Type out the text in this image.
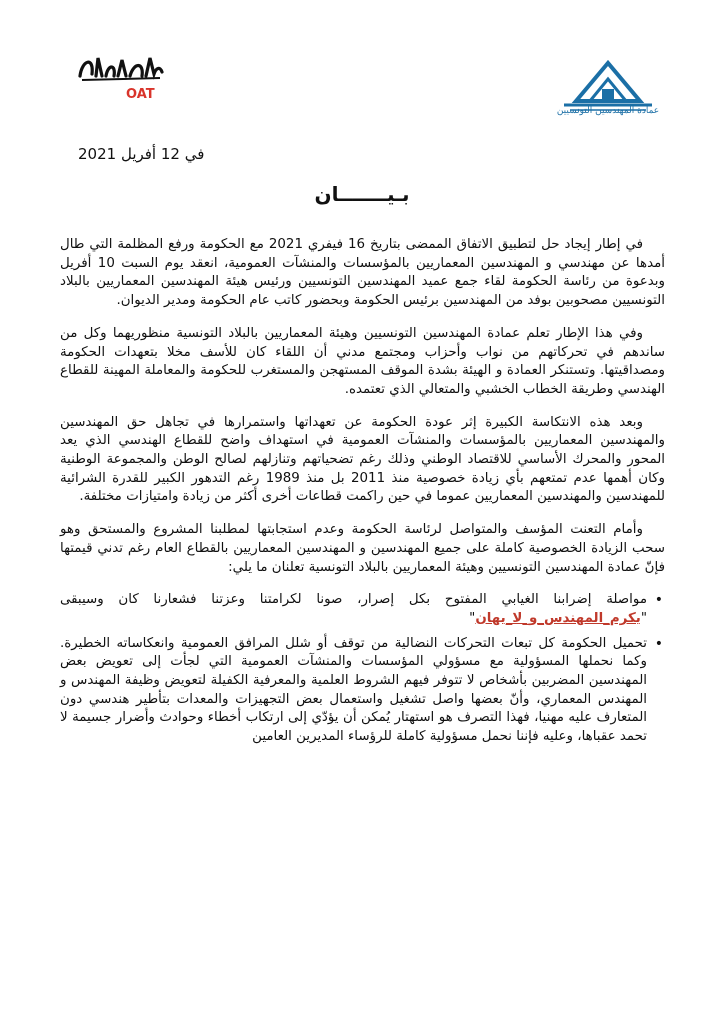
OAT
عمادة المهندسين التونسيين
في 12 أفريل 2021
بـيـــــــان

في إطار إيجاد حل لتطبيق الاتفاق الممضى بتاريخ 16 فيفري 2021 مع الحكومة ورفع المظلمة التي طال أمدها عن مهندسي و المهندسين المعماريين بالمؤسسات والمنشآت العمومية، انعقد يوم السبت 10 أفريل وبدعوة من رئاسة الحكومة لقاء جمع عميد المهندسين التونسيين ورئيس هيئة المهندسين المعماريين بالبلاد التونسيين مصحوبين بوفد من المهندسين برئيس الحكومة وبحضور كاتب عام الحكومة ومدير الديوان.

وفي هذا الإطار تعلم عمادة المهندسين التونسيين وهيئة المعماريين بالبلاد التونسية منظوريهما وكل من ساندهم في تحركاتهم من نواب وأحزاب ومجتمع مدني أن اللقاء كان للأسف مخلا بتعهدات الحكومة ومصداقيتها. وتستنكر العمادة و الهيئة بشدة الموقف المستهجن والمستغرب للحكومة والمعاملة المهينة للقطاع الهندسي وطريقة الخطاب الخشبي والمتعالي الذي تعتمده.

وبعد هذه الانتكاسة الكبيرة إثر عودة الحكومة عن تعهداتها واستمرارها في تجاهل حق المهندسين والمهندسين المعماريين بالمؤسسات والمنشآت العمومية في استهداف واضح للقطاع الهندسي الذي يعد المحور والمحرك الأساسي للاقتصاد الوطني وذلك رغم تضحياتهم وتنازلهم لصالح الوطن والمجموعة الوطنية وكان أهمها عدم تمتعهم بأي زيادة خصوصية منذ 2011 بل منذ 1989 رغم التدهور الكبير للقدرة الشرائية للمهندسين والمهندسين المعماريين عموما في حين راكمت قطاعات أخرى أكثر من زيادة وامتيازات مختلفة.

وأمام التعنت المؤسف والمتواصل لرئاسة الحكومة وعدم استجابتها لمطلبنا المشروع والمستحق وهو سحب الزيادة الخصوصية كاملة على جميع المهندسين و المهندسين المعماريين بالقطاع العام رغم تدني قيمتها فإنّ عمادة المهندسين التونسيين وهيئة المعماريين بالبلاد التونسية تعلنان ما يلي:

• مواصلة إضرابنا الغيابي المفتوح بكل إصرار، صونا لكرامتنا وعزتنا فشعارنا كان وسيبقى "يكرم_المهندس_و_لا_يهان"
• تحميل الحكومة كل تبعات التحركات النضالية من توقف أو شلل المرافق العمومية وانعكاساته الخطيرة. وكما نحملها المسؤولية مع مسؤولي المؤسسات والمنشآت العمومية التي لجأت إلى تعويض بعض المهندسين المضربين بأشخاص لا تتوفر فيهم الشروط العلمية والمعرفية الكفيلة لتعويض وظيفة المهندس و المهندس المعماري، وأنّ بعضها واصل تشغيل واستعمال بعض التجهيزات والمعدات بتأطير هندسي دون المتعارف عليه مهنيا، فهذا التصرف هو استهتار يُمكن أن يؤدّي إلى ارتكاب أخطاء وحوادث وأضرار جسيمة لا تحمد عقباها، وعليه فإننا نحمل مسؤولية كاملة للرؤساء المديرين العامين
